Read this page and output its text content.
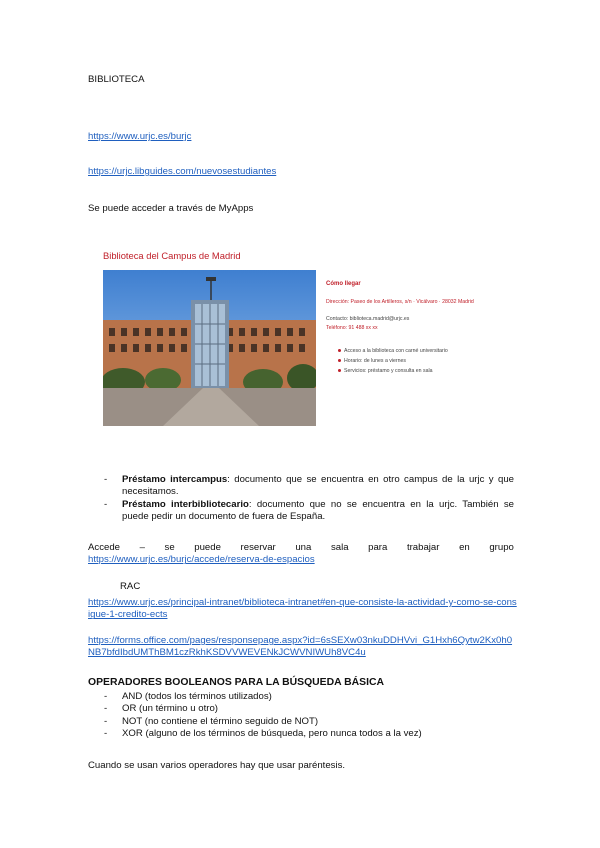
BIBLIOTECA
https://www.urjc.es/burjc
https://urjc.libguides.com/nuevosestudiantes
Se puede acceder a través de MyApps
Biblioteca del Campus de Madrid
Cómo llegar
Dirección: Paseo de los Artilleros, s/n · Vicálvaro · 28032 Madrid
Contacto: biblioteca.madrid@urjc.es
Teléfono: 91 488 xx xx
Acceso a la biblioteca con carné universitario
Horario: de lunes a viernes
Servicios: préstamo y consulta en sala
- Préstamo intercampus: documento que se encuentra en otro campus de la urjc y que necesitamos.
- Préstamo interbibliotecario: documento que no se encuentra en la urjc. También se puede pedir un documento de fuera de España.
Accede – se puede reservar una sala para trabajar en grupo
https://www.urjc.es/burjc/accede/reserva-de-espacios
RAC
https://www.urjc.es/principal-intranet/biblioteca-intranet#en-que-consiste-la-actividad-y-como-se-consigue-1-credito-ects
https://forms.office.com/pages/responsepage.aspx?id=6sSEXw03nkuDDHVvi_G1Hxh6Qytw2Kx0h0NB7bfdIbdUMThBM1czRkhKSDVVWEVENkJCWVNIWUh8VC4u
OPERADORES BOOLEANOS PARA LA BÚSQUEDA BÁSICA
- AND (todos los términos utilizados)
- OR (un término u otro)
- NOT (no contiene el término seguido de NOT)
- XOR (alguno de los términos de búsqueda, pero nunca todos a la vez)
Cuando se usan varios operadores hay que usar paréntesis.
